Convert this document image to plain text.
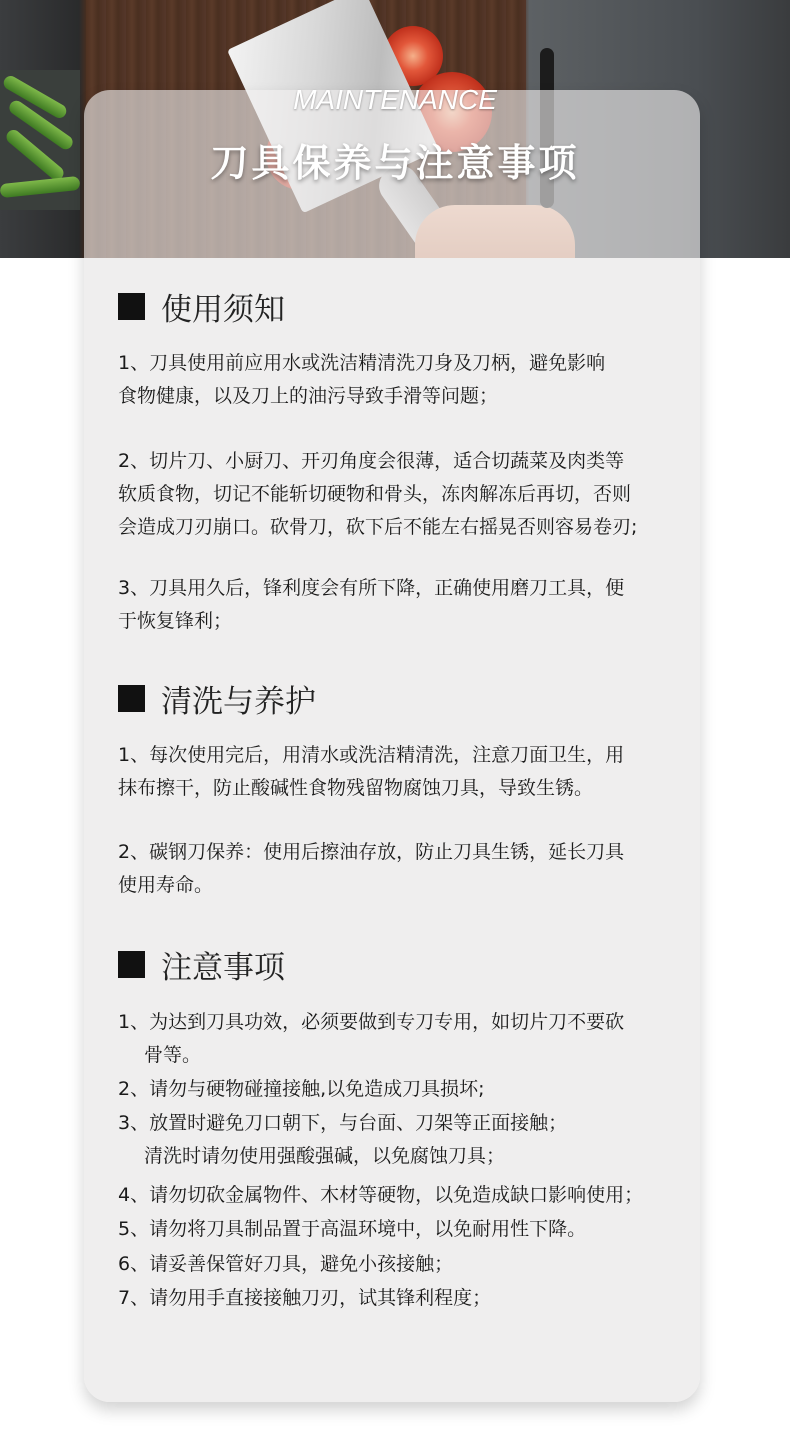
MAINTENANCE
刀具保养与注意事项
使用须知

1、刀具使用前应用水或洗洁精清洗刀身及刀柄，避免影响

食物健康，以及刀上的油污导致手滑等问题；

2、切片刀、小厨刀、开刃角度会很薄，适合切蔬菜及肉类等

软质食物，切记不能斩切硬物和骨头，冻肉解冻后再切，否则

会造成刀刃崩口。砍骨刀，砍下后不能左右摇晃否则容易卷刃;

3、刀具用久后，锋利度会有所下降，正确使用磨刀工具，便

于恢复锋利；

清洗与养护

1、每次使用完后，用清水或洗洁精清洗，注意刀面卫生，用

抹布擦干，防止酸碱性食物残留物腐蚀刀具，导致生锈。

2、碳钢刀保养：使用后擦油存放，防止刀具生锈，延长刀具

使用寿命。

注意事项
1、为达到刀具功效，必须要做到专刀专用，如切片刀不要砍
骨等。
2、请勿与硬物碰撞接触,以免造成刀具损坏;
3、放置时避免刀口朝下，与台面、刀架等正面接触；
清洗时请勿使用强酸强碱，以免腐蚀刀具；
4、请勿切砍金属物件、木材等硬物，以免造成缺口影响使用；
5、请勿将刀具制品置于高温环境中，以免耐用性下降。
6、请妥善保管好刀具，避免小孩接触；
7、请勿用手直接接触刀刃，试其锋利程度；
